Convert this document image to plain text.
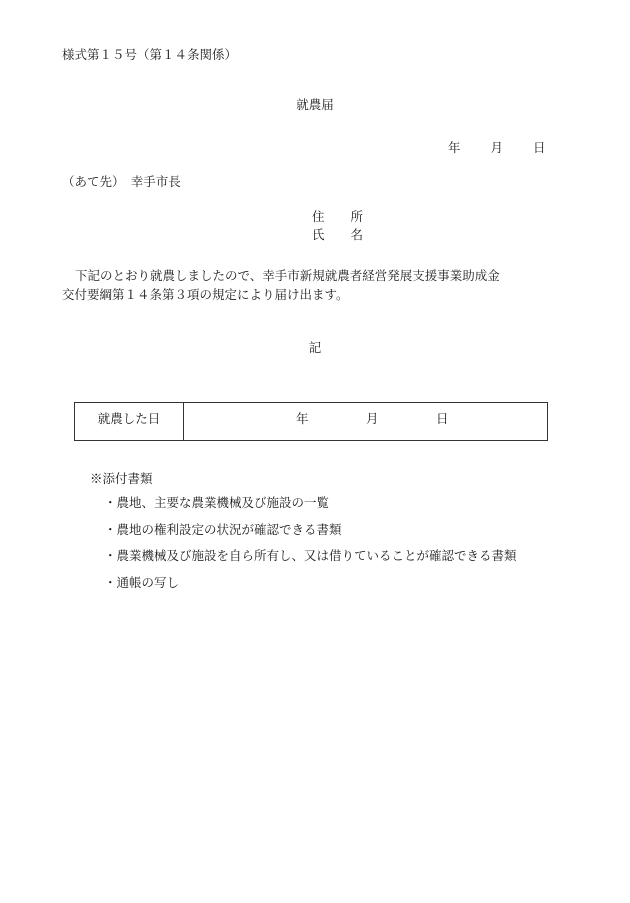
様式第１５号（第１４条関係）
就農届
年 月 日
（あて先）　幸手市長
住 所
氏 名
下記のとおり就農しましたので、幸手市新規就農者経営発展支援事業助成金
交付要綱第１４条第３項の規定により届け出ます。
記
就農した日	年	月	日
※添付書類
・農地、主要な農業機械及び施設の一覧
・農地の権利設定の状況が確認できる書類
・農業機械及び施設を自ら所有し、又は借りていることが確認できる書類
・通帳の写し
